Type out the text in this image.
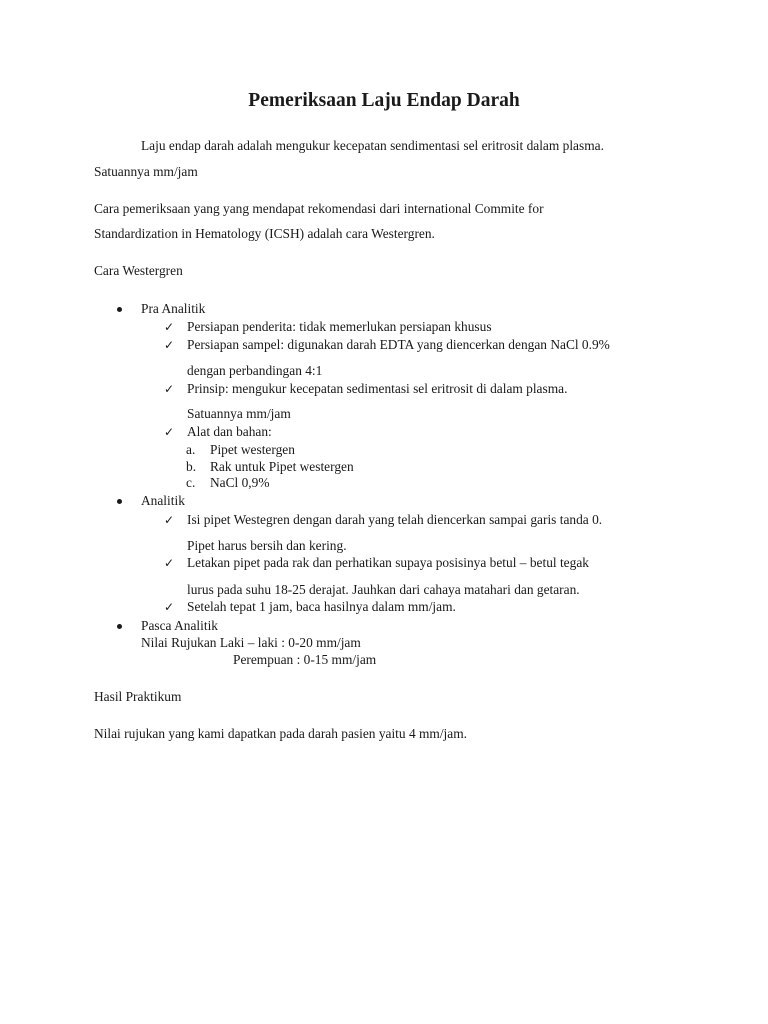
Pemeriksaan Laju Endap Darah
Laju endap darah adalah mengukur kecepatan sendimentasi sel eritrosit dalam plasma.
Satuannya mm/jam
Cara pemeriksaan yang yang mendapat rekomendasi dari international Commite for
Standardization in Hematology (ICSH) adalah cara Westergren.
Cara Westergren
Pra Analitik
✓ Persiapan penderita: tidak memerlukan persiapan khusus
✓ Persiapan sampel: digunakan darah EDTA yang diencerkan dengan NaCl 0.9%
dengan perbandingan 4:1
✓ Prinsip: mengukur kecepatan sedimentasi sel eritrosit di dalam plasma.
Satuannya mm/jam
✓ Alat dan bahan:
a. Pipet westergen
b. Rak untuk Pipet westergen
c. NaCl 0,9%
Analitik
✓ Isi pipet Westegren dengan darah yang telah diencerkan sampai garis tanda 0.
Pipet harus bersih dan kering.
✓ Letakan pipet pada rak dan perhatikan supaya posisinya betul – betul tegak
lurus pada suhu 18-25 derajat. Jauhkan dari cahaya matahari dan getaran.
✓ Setelah tepat 1 jam, baca hasilnya dalam mm/jam.
Pasca Analitik
Nilai Rujukan Laki – laki : 0-20 mm/jam
Perempuan : 0-15 mm/jam
Hasil Praktikum
Nilai rujukan yang kami dapatkan pada darah pasien yaitu 4 mm/jam.
